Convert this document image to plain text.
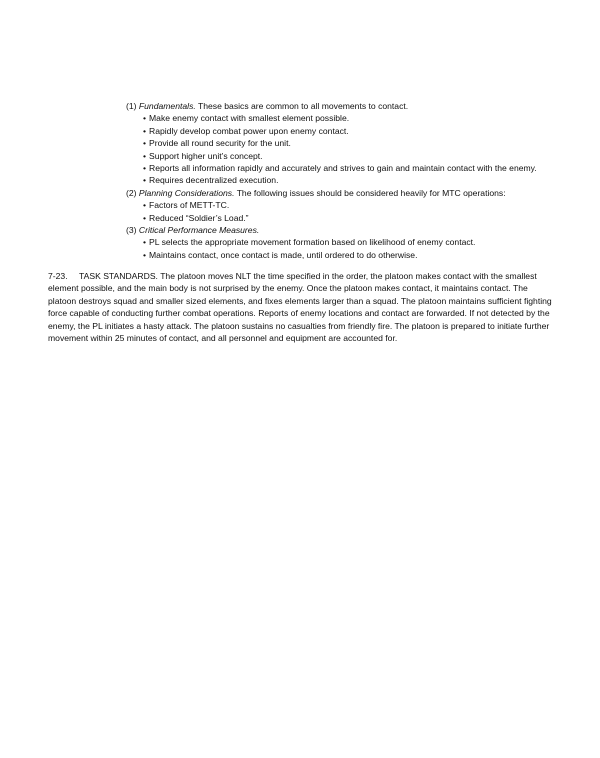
(1) Fundamentals. These basics are common to all movements to contact.
• Make enemy contact with smallest element possible.
• Rapidly develop combat power upon enemy contact.
• Provide all round security for the unit.
• Support higher unit’s concept.
• Reports all information rapidly and accurately and strives to gain and maintain contact with the enemy.
• Requires decentralized execution.
(2) Planning Considerations. The following issues should be considered heavily for MTC operations:
• Factors of METT-TC.
• Reduced “Soldier’s Load.”
(3) Critical Performance Measures.
• PL selects the appropriate movement formation based on likelihood of enemy contact.
• Maintains contact, once contact is made, until ordered to do otherwise.

7-23. TASK STANDARDS. The platoon moves NLT the time specified in the order, the platoon makes contact with the smallest element possible, and the main body is not surprised by the enemy. Once the platoon makes contact, it maintains contact. The platoon destroys squad and smaller sized elements, and fixes elements larger than a squad. The platoon maintains sufficient fighting force capable of conducting further combat operations. Reports of enemy locations and contact are forwarded. If not detected by the enemy, the PL initiates a hasty attack. The platoon sustains no casualties from friendly fire. The platoon is prepared to initiate further movement within 25 minutes of contact, and all personnel and equipment are accounted for.
